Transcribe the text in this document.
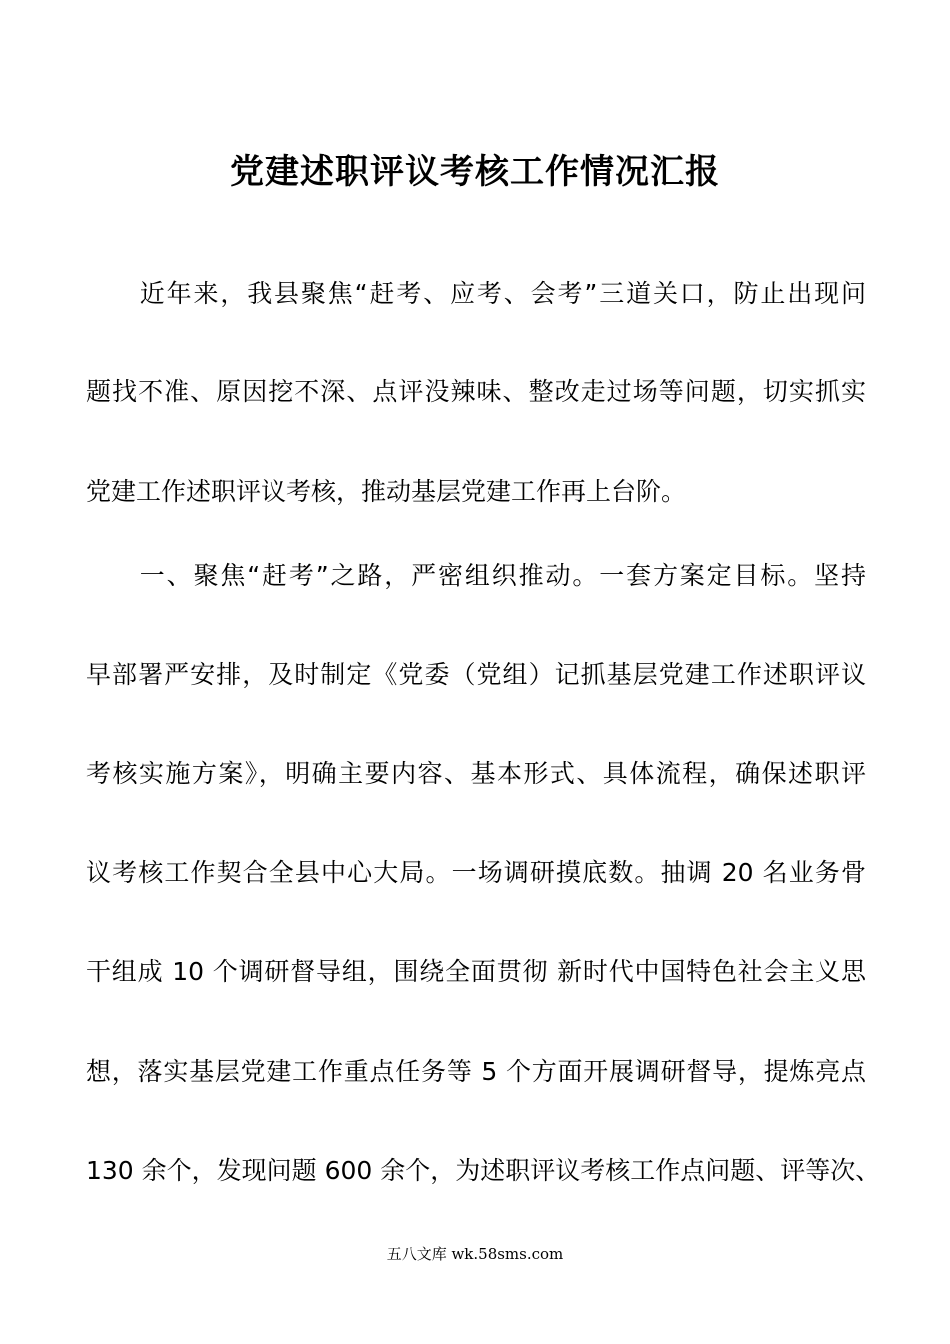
党建述职评议考核工作情况汇报
　　近年来，我县聚焦“赶考、应考、会考”三道关口，防止出现问
题找不准、原因挖不深、点评没辣味、整改走过场等问题，切实抓实
党建工作述职评议考核，推动基层党建工作再上台阶。
　　一、聚焦“赶考”之路，严密组织推动。一套方案定目标。坚持
早部署严安排，及时制定《党委（党组）记抓基层党建工作述职评议
考核实施方案》，明确主要内容、基本形式、具体流程，确保述职评
议考核工作契合全县中心大局。一场调研摸底数。抽调 20 名业务骨
干组成 10 个调研督导组，围绕全面贯彻 新时代中国特色社会主义思
想，落实基层党建工作重点任务等 5 个方面开展调研督导，提炼亮点
130 余个，发现问题 600 余个，为述职评议考核工作点问题、评等次、
五八文库 wk.58sms.com
